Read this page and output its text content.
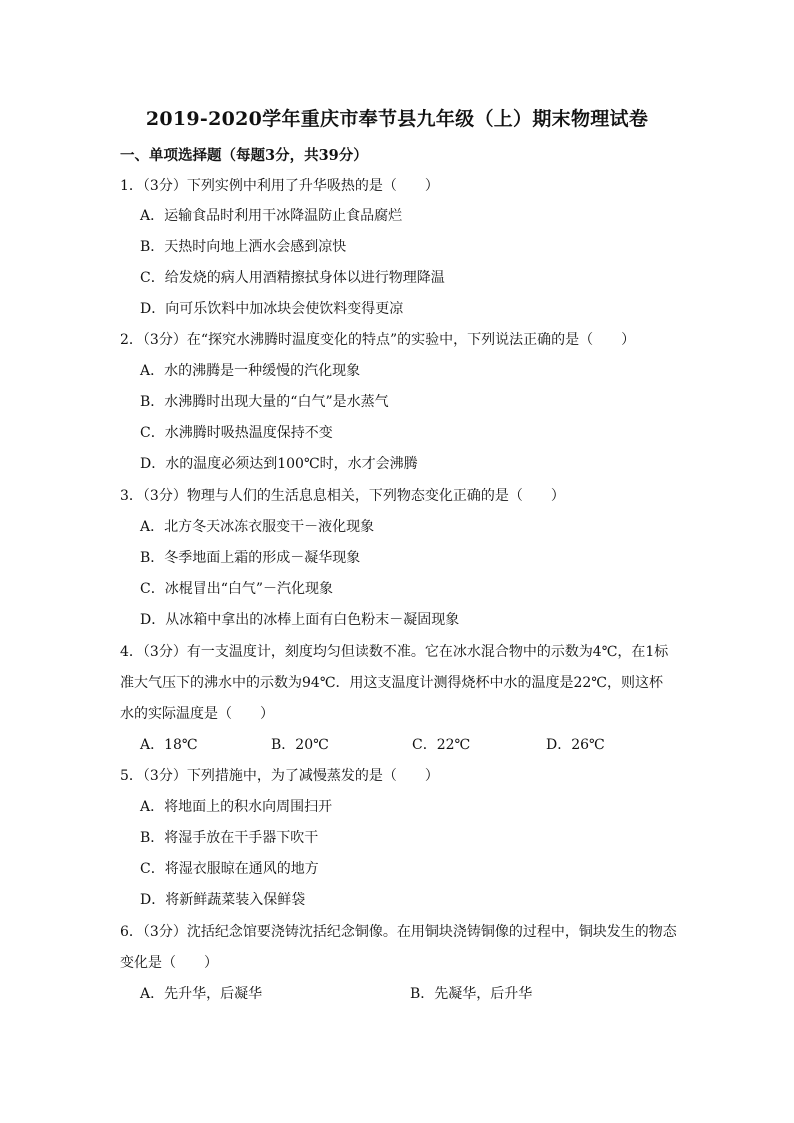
2019-2020学年重庆市奉节县九年级（上）期末物理试卷
一、单项选择题（每题3分，共39分）
1．（3分）下列实例中利用了升华吸热的是（　　）
A．运输食品时利用干冰降温防止食品腐烂
B．天热时向地上洒水会感到凉快
C．给发烧的病人用酒精擦拭身体以进行物理降温
D．向可乐饮料中加冰块会使饮料变得更凉
2．（3分）在“探究水沸腾时温度变化的特点”的实验中，下列说法正确的是（　　）
A．水的沸腾是一种缓慢的汽化现象
B．水沸腾时出现大量的“白气”是水蒸气
C．水沸腾时吸热温度保持不变
D．水的温度必须达到100℃时，水才会沸腾
3．（3分）物理与人们的生活息息相关，下列物态变化正确的是（　　）
A．北方冬天冰冻衣服变干－液化现象
B．冬季地面上霜的形成－凝华现象
C．冰棍冒出“白气”－汽化现象
D．从冰箱中拿出的冰棒上面有白色粉末－凝固现象
4．（3分）有一支温度计，刻度均匀但读数不准。它在冰水混合物中的示数为4℃，在1标
准大气压下的沸水中的示数为94℃．用这支温度计测得烧杯中水的温度是22℃，则这杯
水的实际温度是（　　）
A．18℃	B．20℃	C．22℃	D．26℃
5．（3分）下列措施中，为了减慢蒸发的是（　　）
A．将地面上的积水向周围扫开
B．将湿手放在干手器下吹干
C．将湿衣服晾在通风的地方
D．将新鲜蔬菜装入保鲜袋
6．（3分）沈括纪念馆要浇铸沈括纪念铜像。在用铜块浇铸铜像的过程中，铜块发生的物态
变化是（　　）
A．先升华，后凝华	B．先凝华，后升华
